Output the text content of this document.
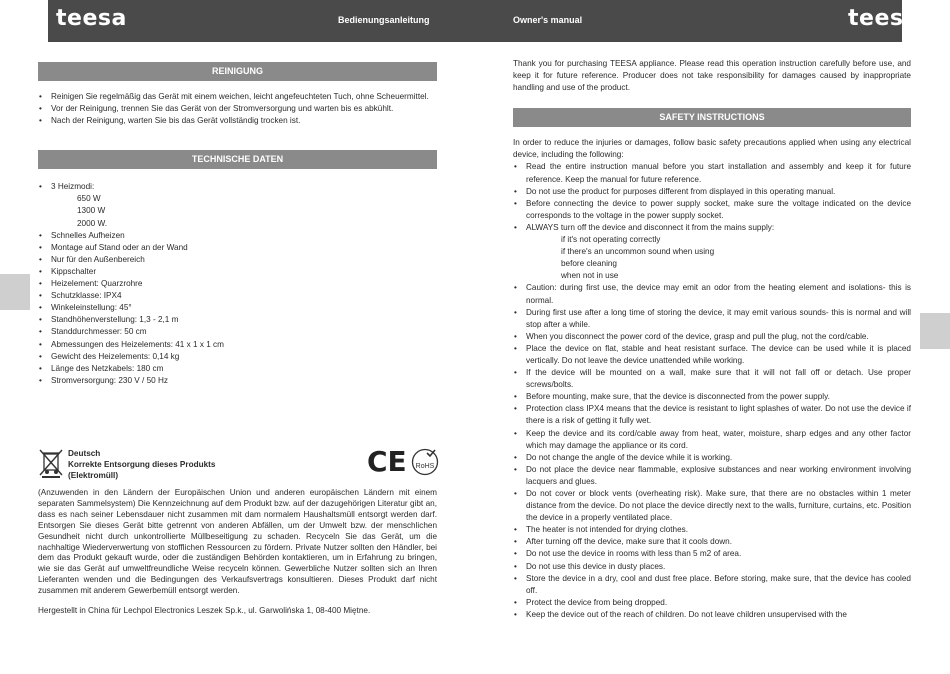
teesa	Bedienungsanleitung	Owner's manual	teesa
REINIGUNG
• Reinigen Sie regelmäßig das Gerät mit einem weichen, leicht angefeuchteten Tuch, ohne Scheuermittel.
• Vor der Reinigung, trennen Sie das Gerät von der Stromversorgung und warten bis es abkühlt.
• Nach der Reinigung, warten Sie bis das Gerät vollständig trocken ist.
TECHNISCHE DATEN
• 3 Heizmodi:
650 W
1300 W
2000 W.
• Schnelles Aufheizen
• Montage auf Stand oder an der Wand
• Nur für den Außenbereich
• Kippschalter
• Heizelement: Quarzrohre
• Schutzklasse: IPX4
• Winkeleinstellung: 45°
• Standhöhenverstellung: 1,3 - 2,1 m
• Standdurchmesser: 50 cm
• Abmessungen des Heizelements: 41 x 1 x 1 cm
• Gewicht des Heizelements: 0,14 kg
• Länge des Netzkabels: 180 cm
• Stromversorgung: 230 V / 50 Hz
Deutsch
Korrekte Entsorgung dieses Produkts
(Elektromüll)	CE RoHS

(Anzuwenden in den Ländern der Europäischen Union und anderen europäischen Ländern mit einem separaten Sammelsystem) Die Kennzeichnung auf dem Produkt bzw. auf der dazugehörigen Literatur gibt an, dass es nach seiner Lebensdauer nicht zusammen mit dam normalem Haushaltsmüll entsorgt werden darf. Entsorgen Sie dieses Gerät bitte getrennt von anderen Abfällen, um der Umwelt bzw. der menschlichen Gesundheit nicht durch unkontrollierte Müllbeseitigung zu schaden. Recyceln Sie das Gerät, um die nachhaltige Wiederverwertung von stofflichen Ressourcen zu fördern. Private Nutzer sollten den Händler, bei dem das Produkt gekauft wurde, oder die zuständigen Behörden kontaktieren, um in Erfahrung zu bringen, wie sie das Gerät auf umweltfreundliche Weise recyceln können. Gewerbliche Nutzer sollten sich an Ihren Lieferanten wenden und die Bedingungen des Verkaufsvertrags konsultieren. Dieses Produkt darf nicht zusammen mit anderem Gewerbemüll entsorgt werden.

Hergestellt in China für Lechpol Electronics Leszek Sp.k., ul. Garwolińska 1, 08-400 Miętne.

Thank you for purchasing TEESA appliance. Please read this operation instruction carefully before use, and keep it for future reference. Producer does not take responsibility for damages caused by inappropriate handling and use of the product.

SAFETY INSTRUCTIONS

In order to reduce the injuries or damages, follow basic safety precautions applied when using any electrical device, including the following:

• Read the entire instruction manual before you start installation and assembly and keep it for future reference. Keep the manual for future reference.
• Do not use the product for purposes different from displayed in this operating manual.
• Before connecting the device to power supply socket, make sure the voltage indicated on the device corresponds to the voltage in the power supply socket.
• ALWAYS turn off the device and disconnect it from the mains supply:
if it's not operating correctly
if there's an uncommon sound when using
before cleaning
when not in use
• Caution: during first use, the device may emit an odor from the heating element and isolations- this is normal.
• During first use after a long time of storing the device, it may emit various sounds- this is normal and will stop after a while.
• When you disconnect the power cord of the device, grasp and pull the plug, not the cord/cable.
• Place the device on flat, stable and heat resistant surface. The device can be used while it is placed vertically. Do not leave the device unattended while working.
• If the device will be mounted on a wall, make sure that it will not fall off or detach. Use proper screws/bolts.
• Before mounting, make sure, that the device is disconnected from the power supply.
• Protection class IPX4 means that the device is resistant to light splashes of water. Do not use the device if there is a risk of getting it fully wet.
• Keep the device and its cord/cable away from heat, water, moisture, sharp edges and any other factor which may damage the appliance or its cord.
• Do not change the angle of the device while it is working.
• Do not place the device near flammable, explosive substances and near working environment involving lacquers and glues.
• Do not cover or block vents (overheating risk). Make sure, that there are no obstacles within 1 meter distance from the device. Do not place the device directly next to the walls, furniture, curtains, etc. Position the device in a properly ventilated place.
• The heater is not intended for drying clothes.
• After turning off the device, make sure that it cools down.
• Do not use the device in rooms with less than 5 m2 of area.
• Do not use this device in dusty places.
• Store the device in a dry, cool and dust free place. Before storing, make sure, that the device has cooled off.
• Protect the device from being dropped.
• Keep the device out of the reach of children. Do not leave children unsupervised with the
